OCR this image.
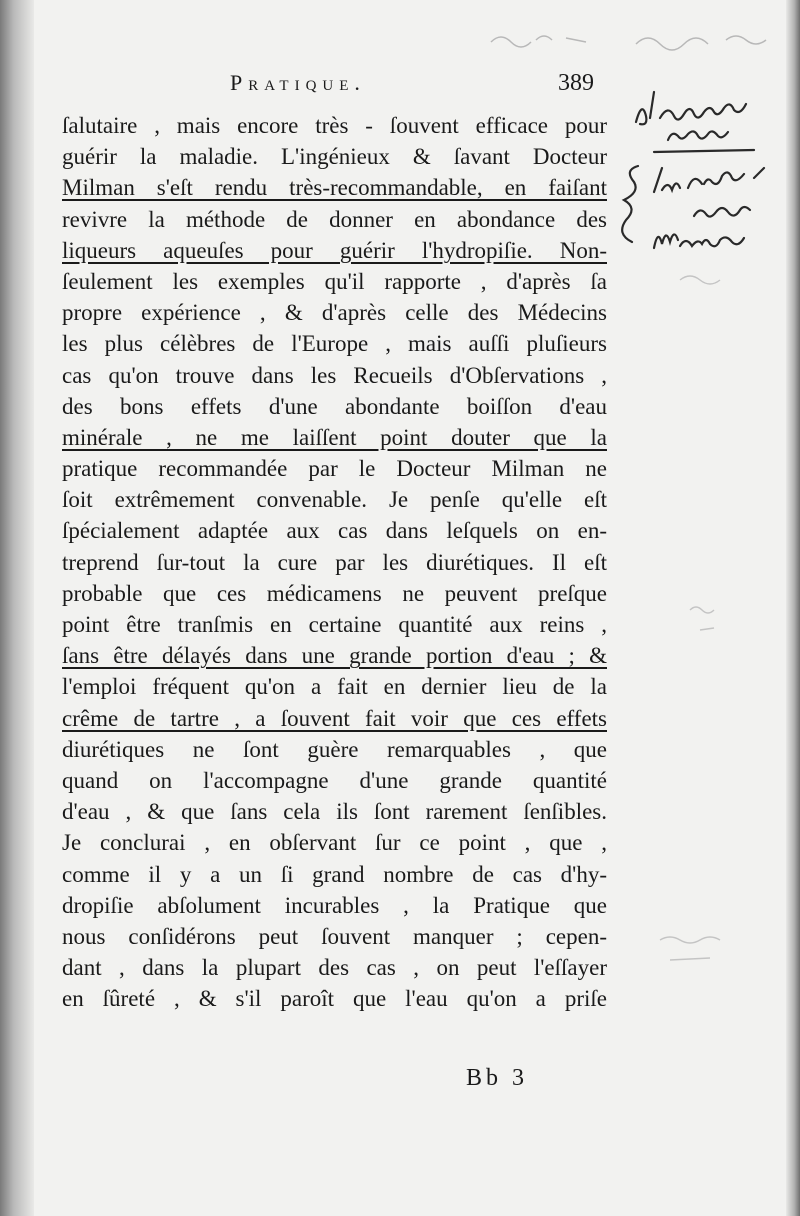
Pratique.	389
ſalutaire , mais encore très - ſouvent efficace pour
guérir la maladie. L'ingénieux & ſavant Docteur
Milman s'eſt rendu très-recommandable, en faiſant
revivre la méthode de donner en abondance des
liqueurs aqueuſes pour guérir l'hydropiſie. Non-
ſeulement les exemples qu'il rapporte , d'après ſa
propre expérience , & d'après celle des Médecins
les plus célèbres de l'Europe , mais auſſi pluſieurs
cas qu'on trouve dans les Recueils d'Obſervations ,
des bons effets d'une abondante boiſſon d'eau
minérale , ne me laiſſent point douter que la
pratique recommandée par le Docteur Milman ne
ſoit extrêmement convenable. Je penſe qu'elle eſt
ſpécialement adaptée aux cas dans leſquels on en-
treprend ſur-tout la cure par les diurétiques. Il eſt
probable que ces médicamens ne peuvent preſque
point être tranſmis en certaine quantité aux reins ,
ſans être délayés dans une grande portion d'eau ; &
l'emploi fréquent qu'on a fait en dernier lieu de la
crême de tartre , a ſouvent fait voir que ces effets
diurétiques ne ſont guère remarquables , que
quand on l'accompagne d'une grande quantité
d'eau , & que ſans cela ils ſont rarement ſenſibles.
Je conclurai , en obſervant ſur ce point , que ,
comme il y a un ſi grand nombre de cas d'hy-
dropiſie abſolument incurables , la Pratique que
nous conſidérons peut ſouvent manquer ; cepen-
dant , dans la plupart des cas , on peut l'eſſayer
en ſûreté , & s'il paroît que l'eau qu'on a priſe
Bb 3
